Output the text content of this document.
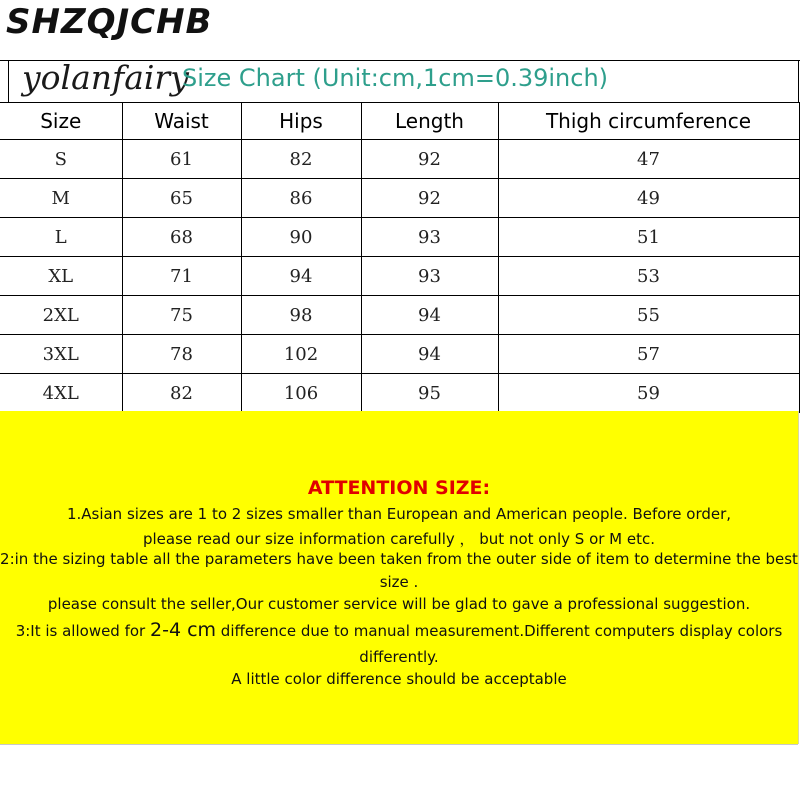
SHZQJCHB
yolanfairy
Size Chart (Unit:cm,1cm=0.39inch)
Size	Waist	Hips	Length	Thigh circumference
S	61	82	92	47
M	65	86	92	49
L	68	90	93	51
XL	71	94	93	53
2XL	75	98	94	55
3XL	78	102	94	57
4XL	82	106	95	59
ATTENTION SIZE:
1.Asian sizes are 1 to 2 sizes smaller than European and American people. Before order,
please read our size information carefully ， but not only S or M etc.
2:in the sizing table all the parameters have been taken from the outer side of item to determine the best
size .
please consult the seller,Our customer service will be glad to gave a professional suggestion.
3:It is allowed for 2-4 cm difference due to manual measurement.Different computers display colors
differently.
A little color difference should be acceptable
